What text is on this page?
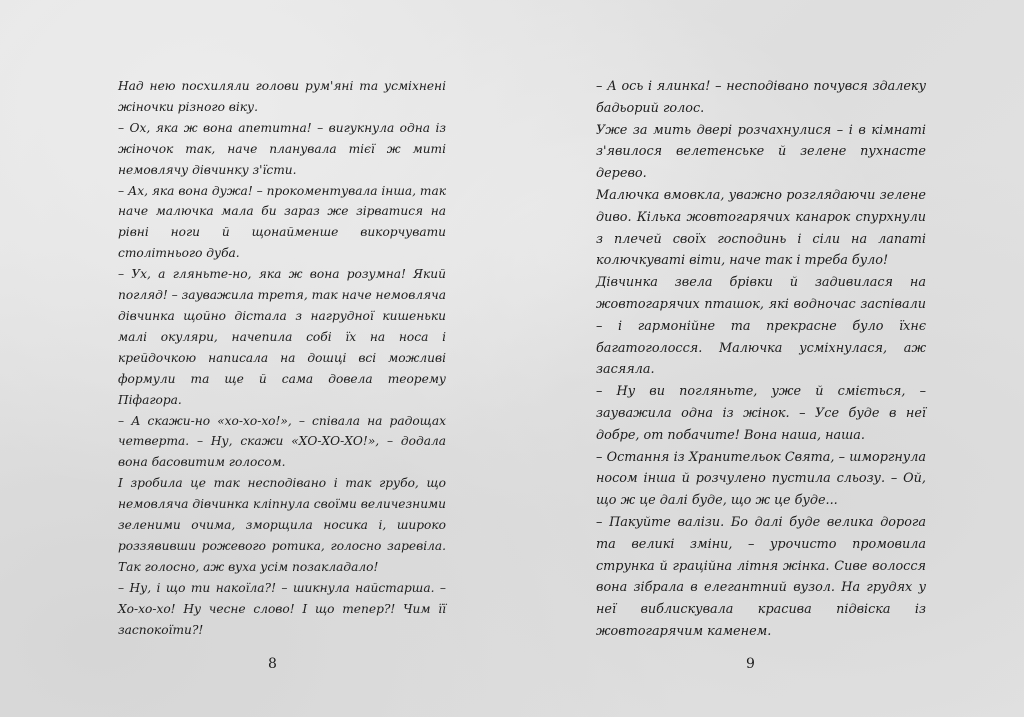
Над нею посхиляли голови рум'яні та усміхнені жіночки різного віку.

– Ох, яка ж вона апетитна! – вигукнула одна із жіночок так, наче планувала тієї ж миті немовлячу дівчинку з'їсти.

– Ах, яка вона дужа! – прокоментувала інша, так наче малючка мала би зараз же зірватися на рівні ноги й щонайменше викорчувати столітнього дуба.

– Ух, а гляньте-но, яка ж вона розумна! Який погляд! – зауважила третя, так наче немовляча дівчинка щойно дістала з нагрудної кишеньки малі окуляри, начепила собі їх на носа і крейдочкою написала на дошці всі можливі формули та ще й сама довела теорему Піфагора.

– А скажи-но «хо-хо-хо!», – співала на радощах четверта. – Ну, скажи «ХО-ХО-ХО!», – додала вона басовитим голосом.

І зробила це так несподівано і так грубо, що немовляча дівчинка кліпнула своїми величезними зеленими очима, зморщила носика і, широко роззявивши рожевого ротика, голосно заревіла. Так голосно, аж вуха усім позакладало!

– Ну, і що ти накоїла?! – шикнула найстарша. – Хо-хо-хо! Ну чесне слово! І що тепер?! Чим її заспокоїти?!

8

– А ось і ялинка! – несподівано почувся здалеку бадьорий голос.

Уже за мить двері розчахнулися – і в кімнаті з'явилося велетенське й зелене пухнасте дерево.

Малючка вмовкла, уважно розглядаючи зелене диво. Кілька жовтогарячих канарок спурхнули з плечей своїх господинь і сіли на лапаті колючкуваті віти, наче так і треба було!

Дівчинка звела брівки й задивилася на жовтогарячих пташок, які водночас заспівали – і гармонійне та прекрасне було їхнє багатоголосся. Малючка усміхнулася, аж засяяла.

– Ну ви погляньте, уже й сміється, – зауважила одна із жінок. – Усе буде в неї добре, от побачите! Вона наша, наша.

– Остання із Хранительок Свята, – шморгнула носом інша й розчулено пустила сльозу. – Ой, що ж це далі буде, що ж це буде...

– Пакуйте валізи. Бо далі буде велика дорога та великі зміни, – урочисто промовила струнка й граційна літня жінка. Сиве волосся вона зібрала в елегантний вузол. На грудях у неї виблискувала красива підвіска із жовтогарячим каменем.

9
